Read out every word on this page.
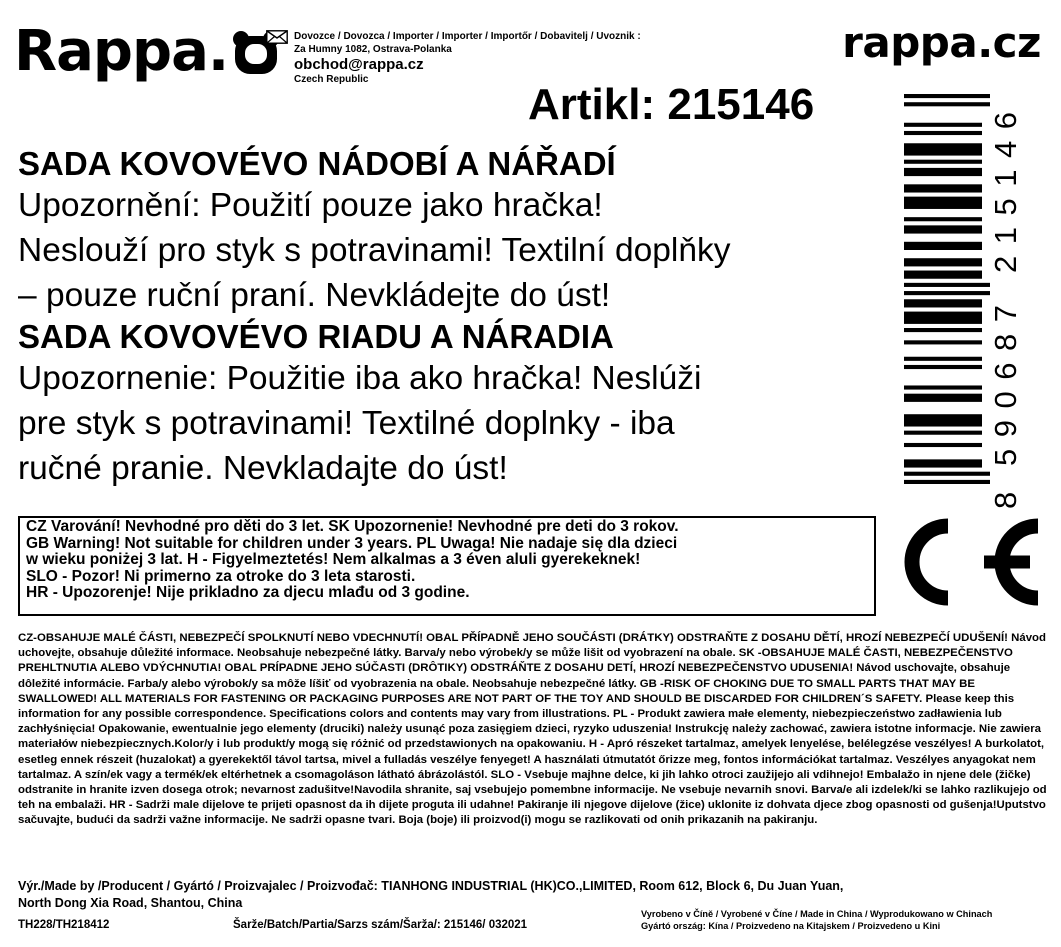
Rappa.	Dovozce / Dovozca / Importer / Importer / Importőr / Dobavitelj / Uvoznik :
Za Humny 1082, Ostrava-Polanka
obchod@rappa.cz
Czech Republic
rappa.cz
Artikl: 215146
SADA KOVOVÉVO NÁDOBÍ A NÁŘADÍ
Upozornění: Použití pouze jako hračka!
Neslouží pro styk s potravinami! Textilní doplňky
– pouze ruční praní. Nevkládejte do úst!
SADA KOVOVÉVO RIADU A NÁRADIA
Upozornenie: Použitie iba ako hračka! Neslúži
pre styk s potravinami! Textilné doplnky - iba
ručné pranie. Nevkladajte do úst!
8
5
9
0
6
8
7
2
1
5
1
4
6

CZ Varování! Nevhodné pro děti do 3 let. SK Upozornenie! Nevhodné pre deti do 3 rokov.

GB Warning! Not suitable for children under 3 years. PL Uwaga! Nie nadaje się dla dzieci

w wieku poniżej 3 lat. H - Figyelmeztetés! Nem alkalmas a 3 éven aluli gyerekeknek!

SLO - Pozor! Ni primerno za otroke do 3 leta starosti.

HR - Upozorenje! Nije prikladno za djecu mlađu od 3 godine.

CZ-OBSAHUJE MALÉ ČÁSTI, NEBEZPEČÍ SPOLKNUTÍ NEBO VDECHNUTÍ! OBAL PŘÍPADNĚ JEHO SOUČÁSTI (DRÁTKY) ODSTRAŇTE Z DOSAHU DĚTÍ, HROZÍ NEBEZPEČÍ UDUŠENÍ! Návod uchovejte, obsahuje důležité informace. Neobsahuje nebezpečné látky. Barva/y nebo výrobek/y se může lišit od vyobrazení na obale. SK -OBSAHUJE MALÉ ČASTI, NEBEZPEČENSTVO PREHLTNUTIA ALEBO VDÝCHNUTIA! OBAL PRÍPADNE JEHO SÚČASTI (DRÔTIKY) ODSTRÁŇTE Z DOSAHU DETÍ, HROZÍ NEBEZPEČENSTVO UDUSENIA! Návod uschovajte, obsahuje dôležité informácie. Farba/y alebo výrobok/y sa môže líšiť od vyobrazenia na obale. Neobsahuje nebezpečné látky. GB -RISK OF CHOKING DUE TO SMALL PARTS THAT MAY BE SWALLOWED! ALL MATERIALS FOR FASTENING OR PACKAGING PURPOSES ARE NOT PART OF THE TOY AND SHOULD BE DISCARDED FOR CHILDREN´S SAFETY. Please keep this information for any possible correspondence. Specifications colors and contents may vary from illustrations. PL - Produkt zawiera małe elementy, niebezpieczeństwo zadławienia lub zachłyśnięcia! Opakowanie, ewentualnie jego elementy (druciki) należy usunąć poza zasięgiem dzieci, ryzyko uduszenia! Instrukcję należy zachować, zawiera istotne informacje. Nie zawiera materiałów niebezpiecznych.Kolor/y i lub produkt/y mogą się różnić od przedstawionych na opakowaniu. H - Apró részeket tartalmaz, amelyek lenyelése, belélegzése veszélyes! A burkolatot, esetleg ennek részeit (huzalokat) a gyerekektől távol tartsa, mivel a fulladás veszélye fenyeget! A használati útmutatót őrizze meg, fontos információkat tartalmaz. Veszélyes anyagokat nem tartalmaz. A szín/ek vagy a termék/ek eltérhetnek a csomagoláson látható ábrázolástól. SLO - Vsebuje majhne delce, ki jih lahko otroci zaužijejo ali vdihnejo! Embalažo in njene dele (žičke) odstranite in hranite izven dosega otrok; nevarnost zadušitve!Navodila shranite, saj vsebujejo pomembne informacije. Ne vsebuje nevarnih snovi. Barva/e ali izdelek/ki se lahko razlikujejo od teh na embalaži. HR - Sadrži male dijelove te prijeti opasnost da ih dijete proguta ili udahne! Pakiranje ili njegove dijelove (žice) uklonite iz dohvata djece zbog opasnosti od gušenja!Uputstvo sačuvajte, budući da sadrži važne informacije. Ne sadrži opasne tvari. Boja (boje) ili proizvod(i) mogu se razlikovati od onih prikazanih na pakiranju.

Výr./Made by /Producent / Gyártó / Proizvajalec / Proizvođač: TIANHONG INDUSTRIAL (HK)CO.,LIMITED, Room 612, Block 6, Du Juan Yuan,
North Dong Xia Road, Shantou, China
TH228/TH218412	Šarže/Batch/Partia/Sarzs szám/Šarža/: 215146/ 032021
Vyrobeno v Číně / Vyrobené v Číne / Made in China / Wyprodukowano w Chinach
Gyártó ország: Kína / Proizvedeno na Kitajskem / Proizvedeno u Kini
